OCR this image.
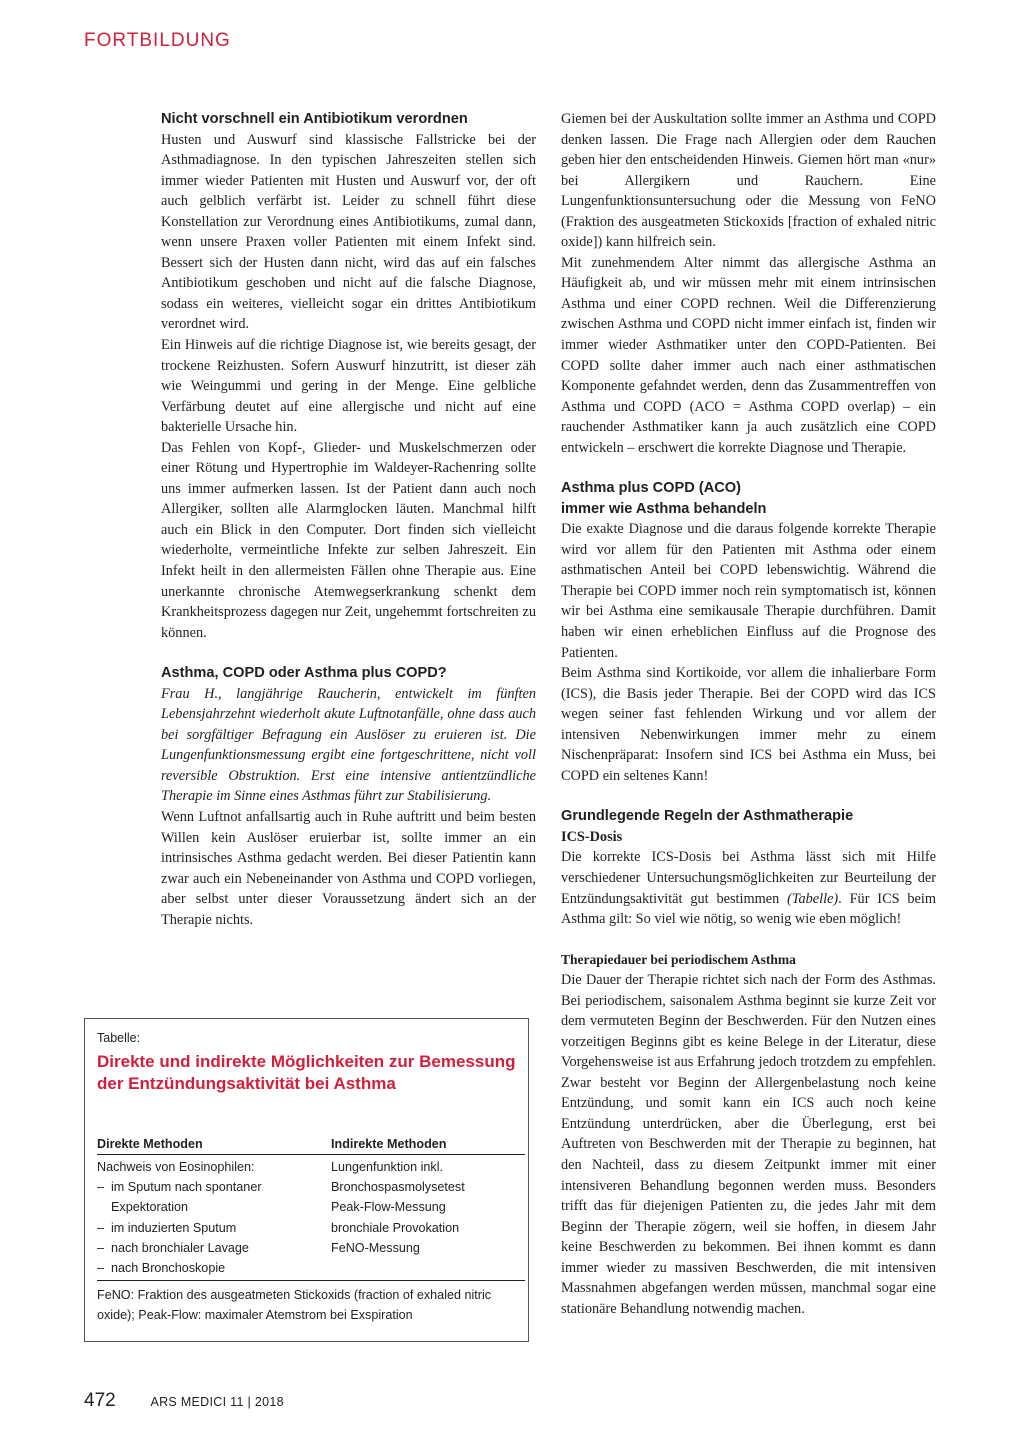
FORTBILDUNG
Nicht vorschnell ein Antibiotikum verordnen

Husten und Auswurf sind klassische Fallstricke bei der Asthmadiagnose. In den typischen Jahreszeiten stellen sich immer wieder Patienten mit Husten und Auswurf vor, der oft auch gelblich verfärbt ist. Leider zu schnell führt diese Konstellation zur Verordnung eines Antibiotikums, zumal dann, wenn unsere Praxen voller Patienten mit einem Infekt sind. Bessert sich der Husten dann nicht, wird das auf ein falsches Antibiotikum geschoben und nicht auf die falsche Diagnose, sodass ein weiteres, vielleicht sogar ein drittes Antibiotikum verordnet wird.

Ein Hinweis auf die richtige Diagnose ist, wie bereits gesagt, der trockene Reizhusten. Sofern Auswurf hinzutritt, ist dieser zäh wie Weingummi und gering in der Menge. Eine gelbliche Verfärbung deutet auf eine allergische und nicht auf eine bakterielle Ursache hin.

Das Fehlen von Kopf-, Glieder- und Muskelschmerzen oder einer Rötung und Hypertrophie im Waldeyer-Rachenring sollte uns immer aufmerken lassen. Ist der Patient dann auch noch Allergiker, sollten alle Alarmglocken läuten. Manchmal hilft auch ein Blick in den Computer. Dort finden sich vielleicht wiederholte, vermeintliche Infekte zur selben Jahreszeit. Ein Infekt heilt in den allermeisten Fällen ohne Therapie aus. Eine unerkannte chronische Atemwegserkrankung schenkt dem Krankheitsprozess dagegen nur Zeit, ungehemmt fortschreiten zu können.

Asthma, COPD oder Asthma plus COPD?

Frau H., langjährige Raucherin, entwickelt im fünften Lebensjahrzehnt wiederholt akute Luftnotanfälle, ohne dass auch bei sorgfältiger Befragung ein Auslöser zu eruieren ist. Die Lungenfunktionsmessung ergibt eine fortgeschrittene, nicht voll reversible Obstruktion. Erst eine intensive antientzündliche Therapie im Sinne eines Asthmas führt zur Stabilisierung.

Wenn Luftnot anfallsartig auch in Ruhe auftritt und beim besten Willen kein Auslöser eruierbar ist, sollte immer an ein intrinsisches Asthma gedacht werden. Bei dieser Patientin kann zwar auch ein Nebeneinander von Asthma und COPD vorliegen, aber selbst unter dieser Voraussetzung ändert sich an der Therapie nichts.

Giemen bei der Auskultation sollte immer an Asthma und COPD denken lassen. Die Frage nach Allergien oder dem Rauchen geben hier den entscheidenden Hinweis. Giemen hört man «nur» bei Allergikern und Rauchern. Eine Lungenfunktionsuntersuchung oder die Messung von FeNO (Fraktion des ausgeatmeten Stickoxids [fraction of exhaled nitric oxide]) kann hilfreich sein.

Mit zunehmendem Alter nimmt das allergische Asthma an Häufigkeit ab, und wir müssen mehr mit einem intrinsischen Asthma und einer COPD rechnen. Weil die Differenzierung zwischen Asthma und COPD nicht immer einfach ist, finden wir immer wieder Asthmatiker unter den COPD-Patienten. Bei COPD sollte daher immer auch nach einer asthmatischen Komponente gefahndet werden, denn das Zusammentreffen von Asthma und COPD (ACO = Asthma COPD overlap) – ein rauchender Asthmatiker kann ja auch zusätzlich eine COPD entwickeln – erschwert die korrekte Diagnose und Therapie.

Asthma plus COPD (ACO)
immer wie Asthma behandeln

Die exakte Diagnose und die daraus folgende korrekte Therapie wird vor allem für den Patienten mit Asthma oder einem asthmatischen Anteil bei COPD lebenswichtig. Während die Therapie bei COPD immer noch rein symptomatisch ist, können wir bei Asthma eine semikausale Therapie durchführen. Damit haben wir einen erheblichen Einfluss auf die Prognose des Patienten.

Beim Asthma sind Kortikoide, vor allem die inhalierbare Form (ICS), die Basis jeder Therapie. Bei der COPD wird das ICS wegen seiner fast fehlenden Wirkung und vor allem der intensiven Nebenwirkungen immer mehr zu einem Nischenpräparat: Insofern sind ICS bei Asthma ein Muss, bei COPD ein seltenes Kann!

Grundlegende Regeln der Asthmatherapie
ICS-Dosis

Die korrekte ICS-Dosis bei Asthma lässt sich mit Hilfe verschiedener Untersuchungsmöglichkeiten zur Beurteilung der Entzündungsaktivität gut bestimmen (Tabelle). Für ICS beim Asthma gilt: So viel wie nötig, so wenig wie eben möglich!

Therapiedauer bei periodischem Asthma

Die Dauer der Therapie richtet sich nach der Form des Asthmas. Bei periodischem, saisonalem Asthma beginnt sie kurze Zeit vor dem vermuteten Beginn der Beschwerden. Für den Nutzen eines vorzeitigen Beginns gibt es keine Belege in der Literatur, diese Vorgehensweise ist aus Erfahrung jedoch trotzdem zu empfehlen. Zwar besteht vor Beginn der Allergenbelastung noch keine Entzündung, und somit kann ein ICS auch noch keine Entzündung unterdrücken, aber die Überlegung, erst bei Auftreten von Beschwerden mit der Therapie zu beginnen, hat den Nachteil, dass zu diesem Zeitpunkt immer mit einer intensiveren Behandlung begonnen werden muss. Besonders trifft das für diejenigen Patienten zu, die jedes Jahr mit dem Beginn der Therapie zögern, weil sie hoffen, in diesem Jahr keine Beschwerden zu bekommen. Bei ihnen kommt es dann immer wieder zu massiven Beschwerden, die mit intensiven Massnahmen abgefangen werden müssen, manchmal sogar eine stationäre Behandlung notwendig machen.

Tabelle:
Direkte und indirekte Möglichkeiten zur Bemessung der Entzündungsaktivität bei Asthma
Direkte Methoden	Indirekte Methoden
Nachweis von Eosinophilen:	Lungenfunktion inkl.
–  im Sputum nach spontaner	Bronchospasmolysetest
Expektoration	Peak-Flow-Messung
–  im induzierten Sputum	bronchiale Provokation
–  nach bronchialer Lavage	FeNO-Messung
–  nach Bronchoskopie
FeNO: Fraktion des ausgeatmeten Stickoxids (fraction of exhaled nitric oxide); Peak-Flow: maximaler Atemstrom bei Exspiration
472	ARS MEDICI 11 | 2018
